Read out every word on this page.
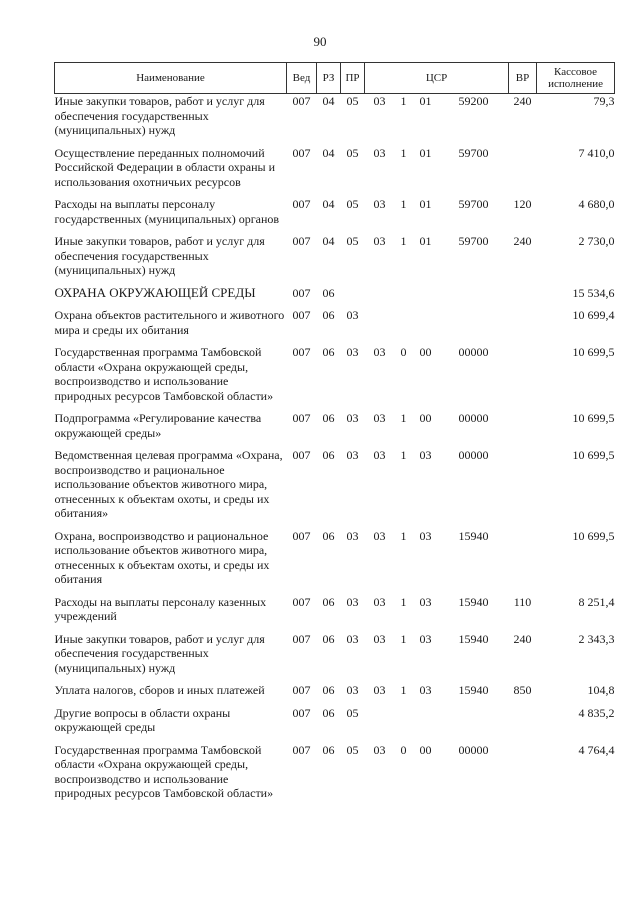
90
Наименование	Вед	РЗ	ПР	ЦСР				ВР	Кассовое исполнение
Иные закупки товаров, работ и услуг для обеспечения государственных (муниципальных) нужд	007	04	05	03	1	01	59200	240	79,3
Осуществление переданных полномочий Российской Федерации в области охраны и использования охотничьих ресурсов	007	04	05	03	1	01	59700		7 410,0
Расходы на выплаты персоналу государственных (муниципальных) органов	007	04	05	03	1	01	59700	120	4 680,0
Иные закупки товаров, работ и услуг для обеспечения государственных (муниципальных) нужд	007	04	05	03	1	01	59700	240	2 730,0
ОХРАНА ОКРУЖАЮЩЕЙ СРЕДЫ	007	06							15 534,6
Охрана объектов растительного и животного мира и среды их обитания	007	06	03						10 699,4
Государственная программа Тамбовской области «Охрана окружающей среды, воспроизводство и использование природных ресурсов Тамбовской области»	007	06	03	03	0	00	00000		10 699,5
Подпрограмма «Регулирование качества окружающей среды»	007	06	03	03	1	00	00000		10 699,5
Ведомственная целевая программа «Охрана, воспроизводство и рациональное использование объектов животного мира, отнесенных к объектам охоты, и среды их обитания»	007	06	03	03	1	03	00000		10 699,5
Охрана, воспроизводство и рациональное использование объектов животного мира, отнесенных к объектам охоты, и среды их обитания	007	06	03	03	1	03	15940		10 699,5
Расходы на выплаты персоналу казенных учреждений	007	06	03	03	1	03	15940	110	8 251,4
Иные закупки товаров, работ и услуг для обеспечения государственных (муниципальных) нужд	007	06	03	03	1	03	15940	240	2 343,3
Уплата налогов, сборов и иных платежей	007	06	03	03	1	03	15940	850	104,8
Другие вопросы в области охраны окружающей среды	007	06	05						4 835,2
Государственная программа Тамбовской области «Охрана окружающей среды, воспроизводство и использование природных ресурсов Тамбовской области»	007	06	05	03	0	00	00000		4 764,4
